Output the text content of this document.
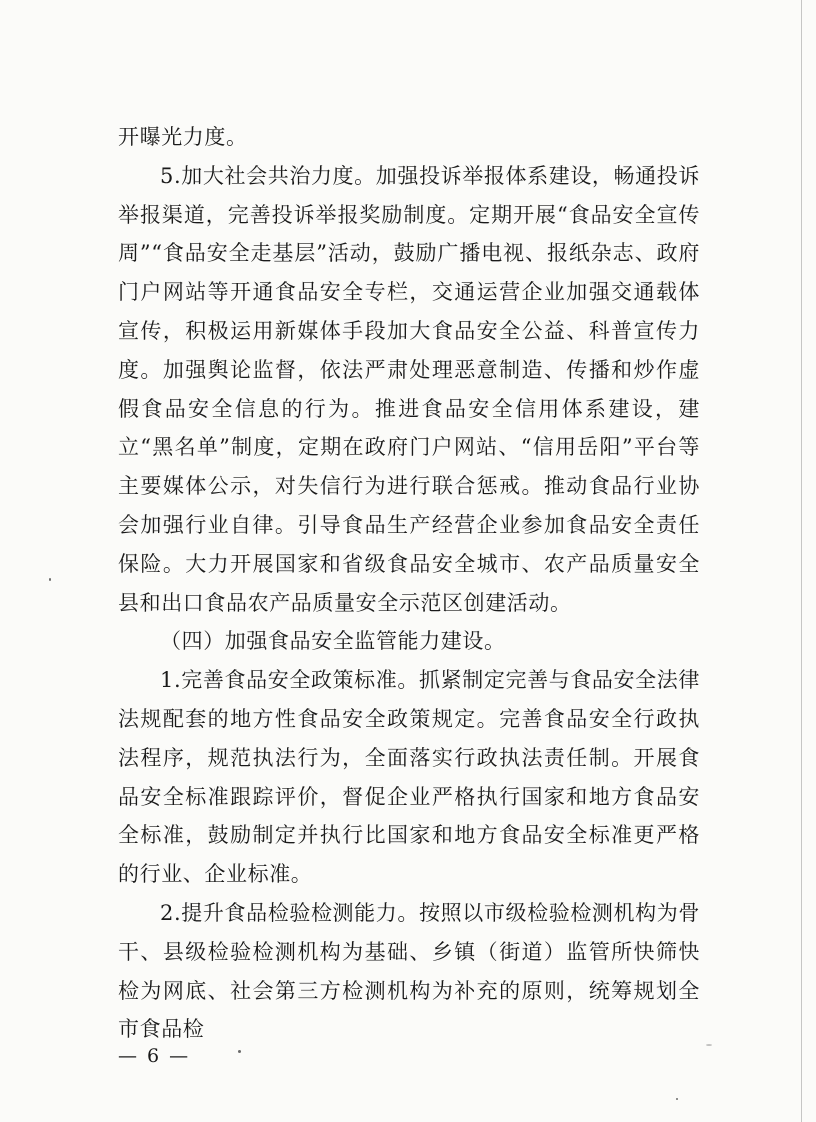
开曝光力度。

5.加大社会共治力度。加强投诉举报体系建设，畅通投诉举报渠道，完善投诉举报奖励制度。定期开展“食品安全宣传周”“食品安全走基层”活动，鼓励广播电视、报纸杂志、政府门户网站等开通食品安全专栏，交通运营企业加强交通载体宣传，积极运用新媒体手段加大食品安全公益、科普宣传力度。加强舆论监督，依法严肃处理恶意制造、传播和炒作虚假食品安全信息的行为。推进食品安全信用体系建设，建立“黑名单”制度，定期在政府门户网站、“信用岳阳”平台等主要媒体公示，对失信行为进行联合惩戒。推动食品行业协会加强行业自律。引导食品生产经营企业参加食品安全责任保险。大力开展国家和省级食品安全城市、农产品质量安全县和出口食品农产品质量安全示范区创建活动。

（四）加强食品安全监管能力建设。

1.完善食品安全政策标准。抓紧制定完善与食品安全法律法规配套的地方性食品安全政策规定。完善食品安全行政执法程序，规范执法行为，全面落实行政执法责任制。开展食品安全标准跟踪评价，督促企业严格执行国家和地方食品安全标准，鼓励制定并执行比国家和地方食品安全标准更严格的行业、企业标准。

2.提升食品检验检测能力。按照以市级检验检测机构为骨干、县级检验检测机构为基础、乡镇（街道）监管所快筛快检为网底、社会第三方检测机构为补充的原则，统筹规划全市食品检

— 6 —
